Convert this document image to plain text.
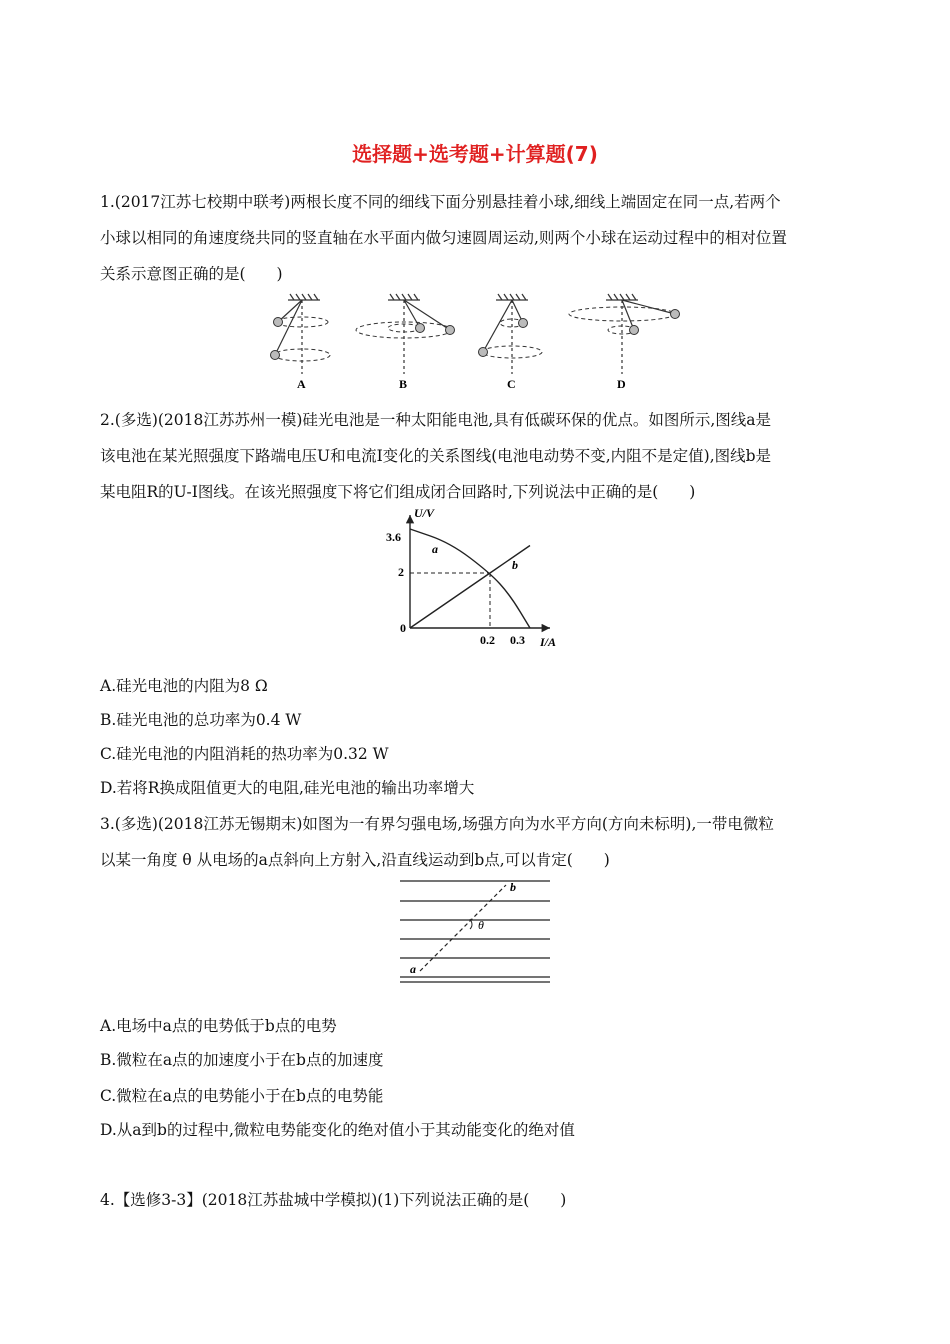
选择题+选考题+计算题(7)
1.(2017江苏七校期中联考)两根长度不同的细线下面分别悬挂着小球,细线上端固定在同一点,若两个
小球以相同的角速度绕共同的竖直轴在水平面内做匀速圆周运动,则两个小球在运动过程中的相对位置
关系示意图正确的是(　　)
A	B	C	D
2.(多选)(2018江苏苏州一模)硅光电池是一种太阳能电池,具有低碳环保的优点。如图所示,图线a是
该电池在某光照强度下路端电压U和电流I变化的关系图线(电池电动势不变,内阻不是定值),图线b是
某电阻R的U-I图线。在该光照强度下将它们组成闭合回路时,下列说法中正确的是(　　)
U/V
I/A
0
3.6
2
0.2 0.3
a
b
A.硅光电池的内阻为8 Ω
B.硅光电池的总功率为0.4 W
C.硅光电池的内阻消耗的热功率为0.32 W
D.若将R换成阻值更大的电阻,硅光电池的输出功率增大
3.(多选)(2018江苏无锡期末)如图为一有界匀强电场,场强方向为水平方向(方向未标明),一带电微粒
以某一角度 θ 从电场的a点斜向上方射入,沿直线运动到b点,可以肯定(　　)
a
b
θ
A.电场中a点的电势低于b点的电势
B.微粒在a点的加速度小于在b点的加速度
C.微粒在a点的电势能小于在b点的电势能
D.从a到b的过程中,微粒电势能变化的绝对值小于其动能变化的绝对值
4.【选修3-3】(2018江苏盐城中学模拟)(1)下列说法正确的是(　　)
